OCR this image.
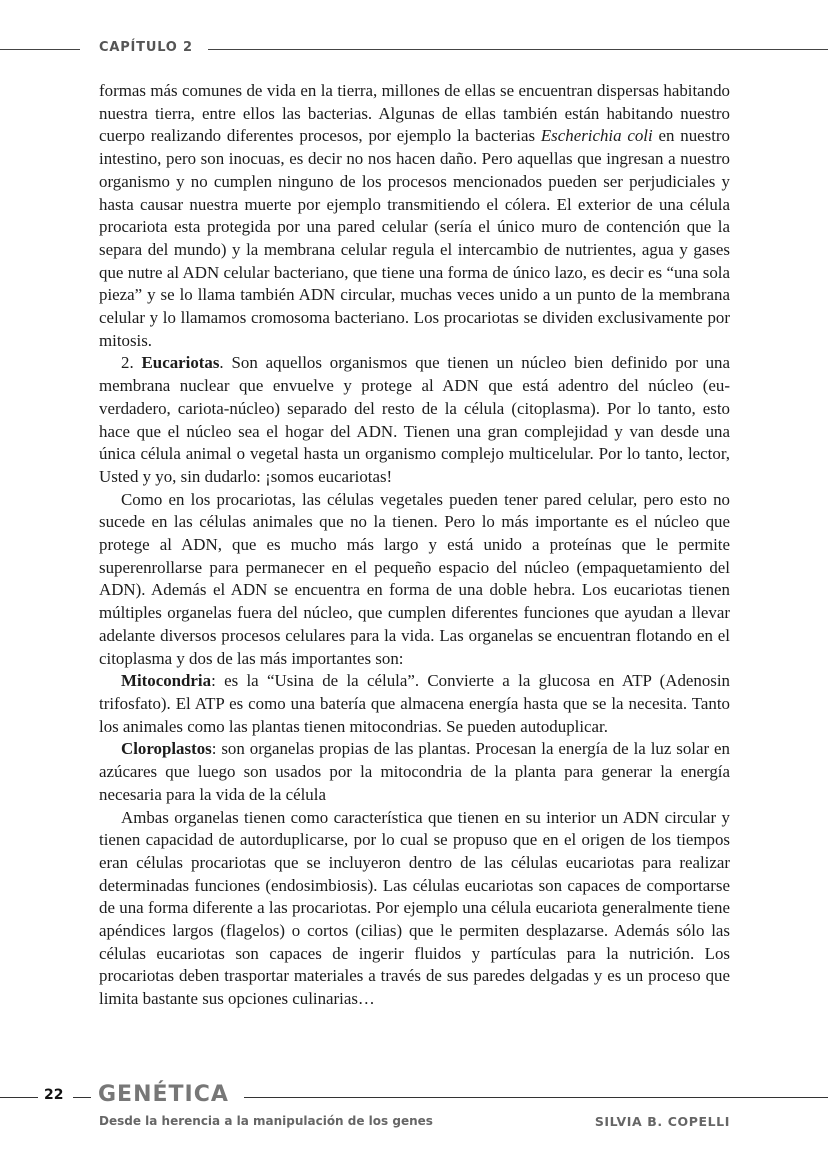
CAPÍTULO 2

formas más comunes de vida en la tierra, millones de ellas se encuentran dispersas habitando nuestra tierra, entre ellos las bacterias. Algunas de ellas también están habitando nuestro cuerpo realizando diferentes procesos, por ejemplo la bacterias Escherichia coli en nuestro intestino, pero son inocuas, es decir no nos hacen daño. Pero aquellas que ingresan a nuestro organismo y no cumplen ninguno de los procesos mencionados pueden ser perjudiciales y hasta causar nuestra muerte por ejemplo transmitiendo el cólera. El exterior de una célula procariota esta protegida por una pared celular (sería el único muro de contención que la separa del mundo) y la membrana celular regula el intercambio de nutrientes, agua y gases que nutre al ADN celular bacteriano, que tiene una forma de único lazo, es decir es “una sola pieza” y se lo llama también ADN circular, muchas veces unido a un punto de la membrana celular y lo llamamos cromosoma bacteriano. Los procariotas se dividen exclusivamente por mitosis.

2. Eucariotas. Son aquellos organismos que tienen un núcleo bien definido por una membrana nuclear que envuelve y protege al ADN que está adentro del núcleo (eu-verdadero, cariota-núcleo) separado del resto de la célula (citoplasma). Por lo tanto, esto hace que el núcleo sea el hogar del ADN. Tienen una gran complejidad y van desde una única célula animal o vegetal hasta un organismo complejo multicelular. Por lo tanto, lector, Usted y yo, sin dudarlo: ¡somos eucariotas!

Como en los procariotas, las células vegetales pueden tener pared celular, pero esto no sucede en las células animales que no la tienen. Pero lo más importante es el núcleo que protege al ADN, que es mucho más largo y está unido a proteínas que le permite superenrollarse para permanecer en el pequeño espacio del núcleo (empaquetamiento del ADN). Además el ADN se encuentra en forma de una doble hebra. Los eucariotas tienen múltiples organelas fuera del núcleo, que cumplen diferentes funciones que ayudan a llevar adelante diversos procesos celulares para la vida. Las organelas se encuentran flotando en el citoplasma y dos de las más importantes son:

Mitocondria: es la “Usina de la célula”. Convierte a la glucosa en ATP (Adenosin trifosfato). El ATP es como una batería que almacena energía hasta que se la necesita. Tanto los animales como las plantas tienen mitocondrias. Se pueden autoduplicar.

Cloroplastos: son organelas propias de las plantas. Procesan la energía de la luz solar en azúcares que luego son usados por la mitocondria de la planta para generar la energía necesaria para la vida de la célula

Ambas organelas tienen como característica que tienen en su interior un ADN circular y tienen capacidad de autorduplicarse, por lo cual se propuso que en el origen de los tiempos eran células procariotas que se incluyeron dentro de las células eucariotas para realizar determinadas funciones (endosimbiosis). Las células eucariotas son capaces de comportarse de una forma diferente a las procariotas. Por ejemplo una célula eucariota generalmente tiene apéndices largos (flagelos) o cortos (cilias) que le permiten desplazarse. Además sólo las células eucariotas son capaces de ingerir fluidos y partículas para la nutrición. Los procariotas deben trasportar materiales a través de sus paredes delgadas y es un proceso que limita bastante sus opciones culinarias…

22 GENÉTICA
Desde la herencia a la manipulación de los genes	SILVIA B. COPELLI
